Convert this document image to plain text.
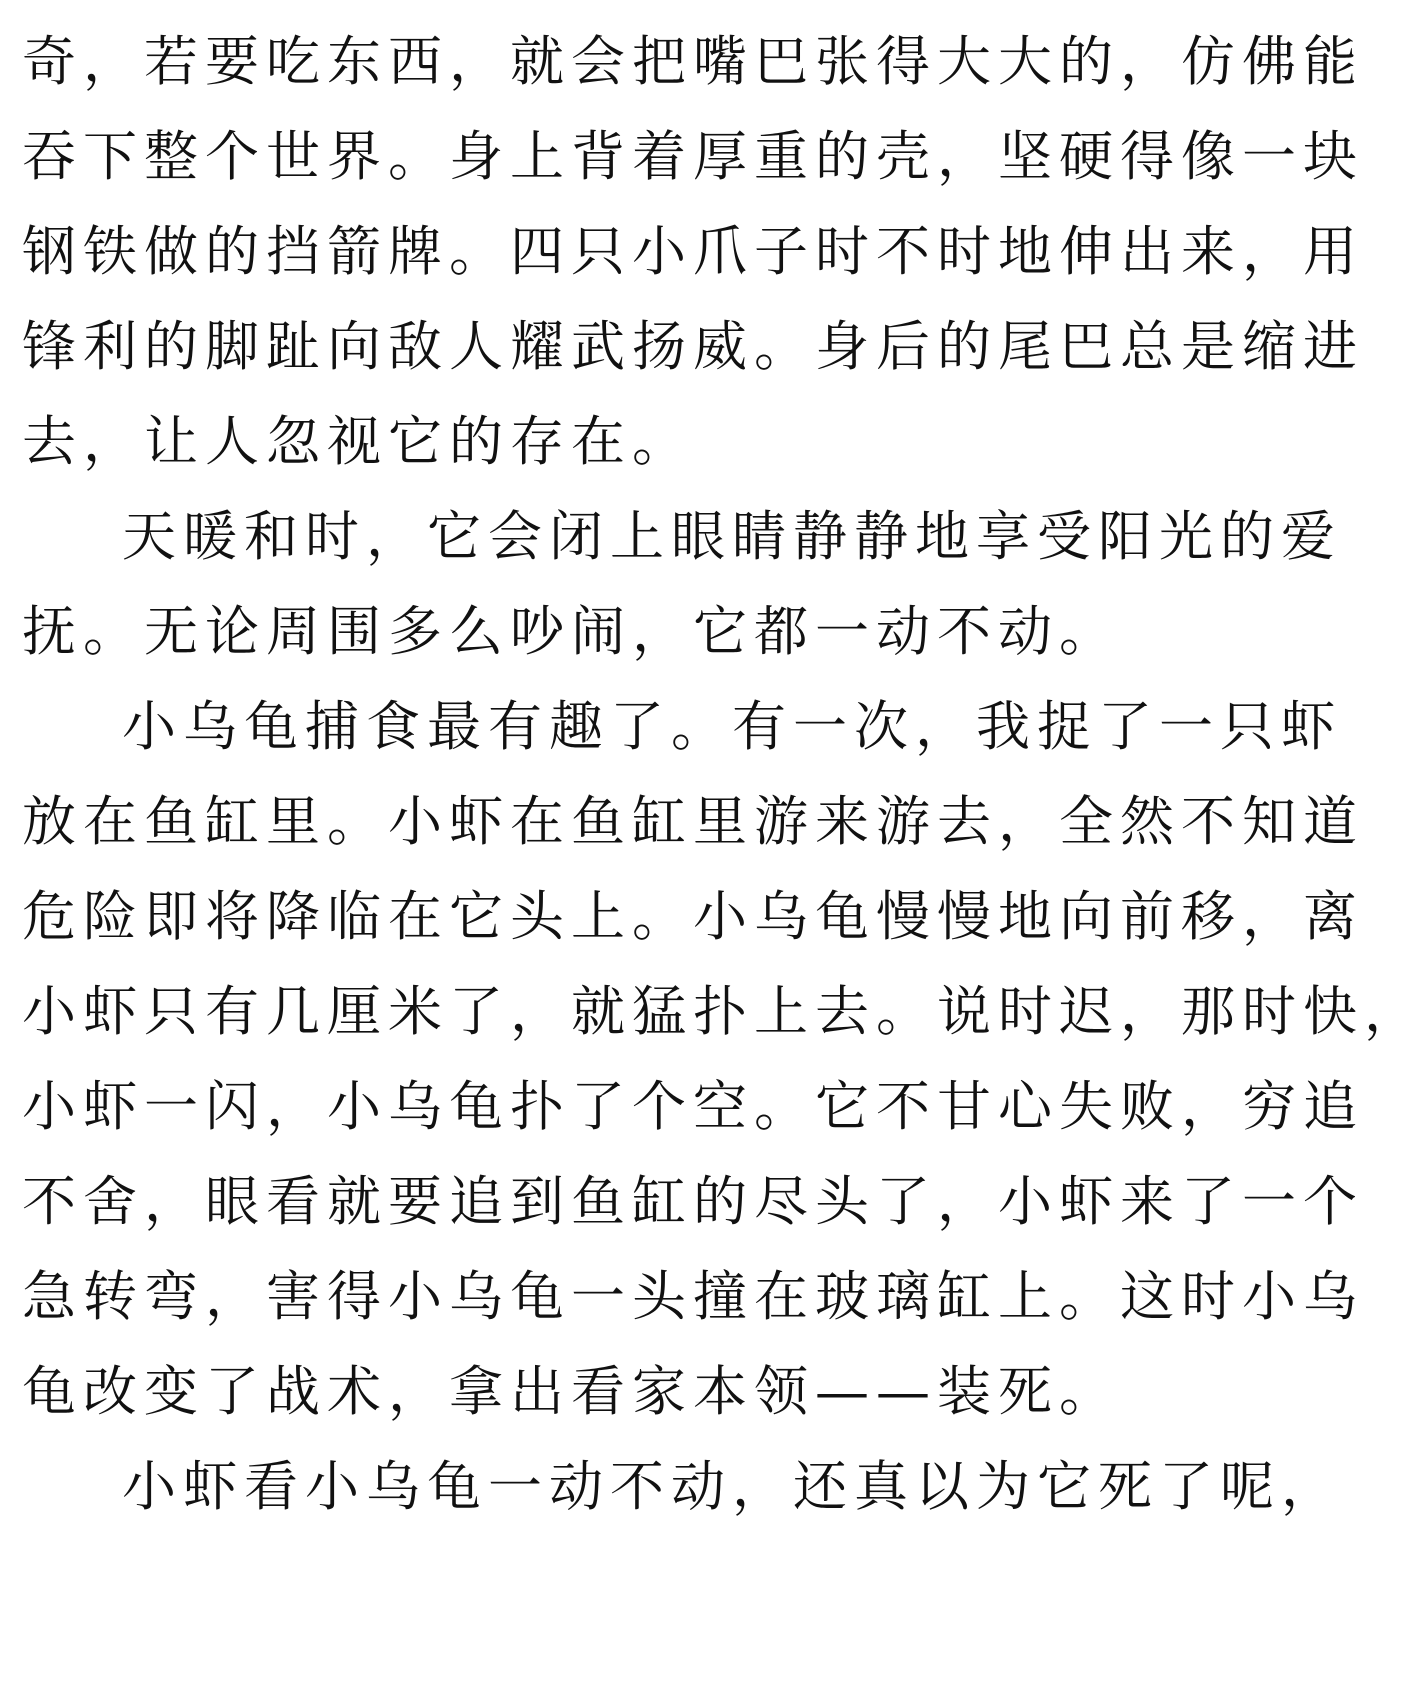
奇，若要吃东西，就会把嘴巴张得大大的，仿佛能
吞下整个世界。身上背着厚重的壳，坚硬得像一块
钢铁做的挡箭牌。四只小爪子时不时地伸出来，用
锋利的脚趾向敌人耀武扬威。身后的尾巴总是缩进
去，让人忽视它的存在。
天暖和时，它会闭上眼睛静静地享受阳光的爱
抚。无论周围多么吵闹，它都一动不动。
小乌龟捕食最有趣了。有一次，我捉了一只虾
放在鱼缸里。小虾在鱼缸里游来游去，全然不知道
危险即将降临在它头上。小乌龟慢慢地向前移，离
小虾只有几厘米了，就猛扑上去。说时迟，那时快，
小虾一闪，小乌龟扑了个空。它不甘心失败，穷追
不舍，眼看就要追到鱼缸的尽头了，小虾来了一个
急转弯，害得小乌龟一头撞在玻璃缸上。这时小乌
龟改变了战术，拿出看家本领——装死。
小虾看小乌龟一动不动，还真以为它死了呢，
